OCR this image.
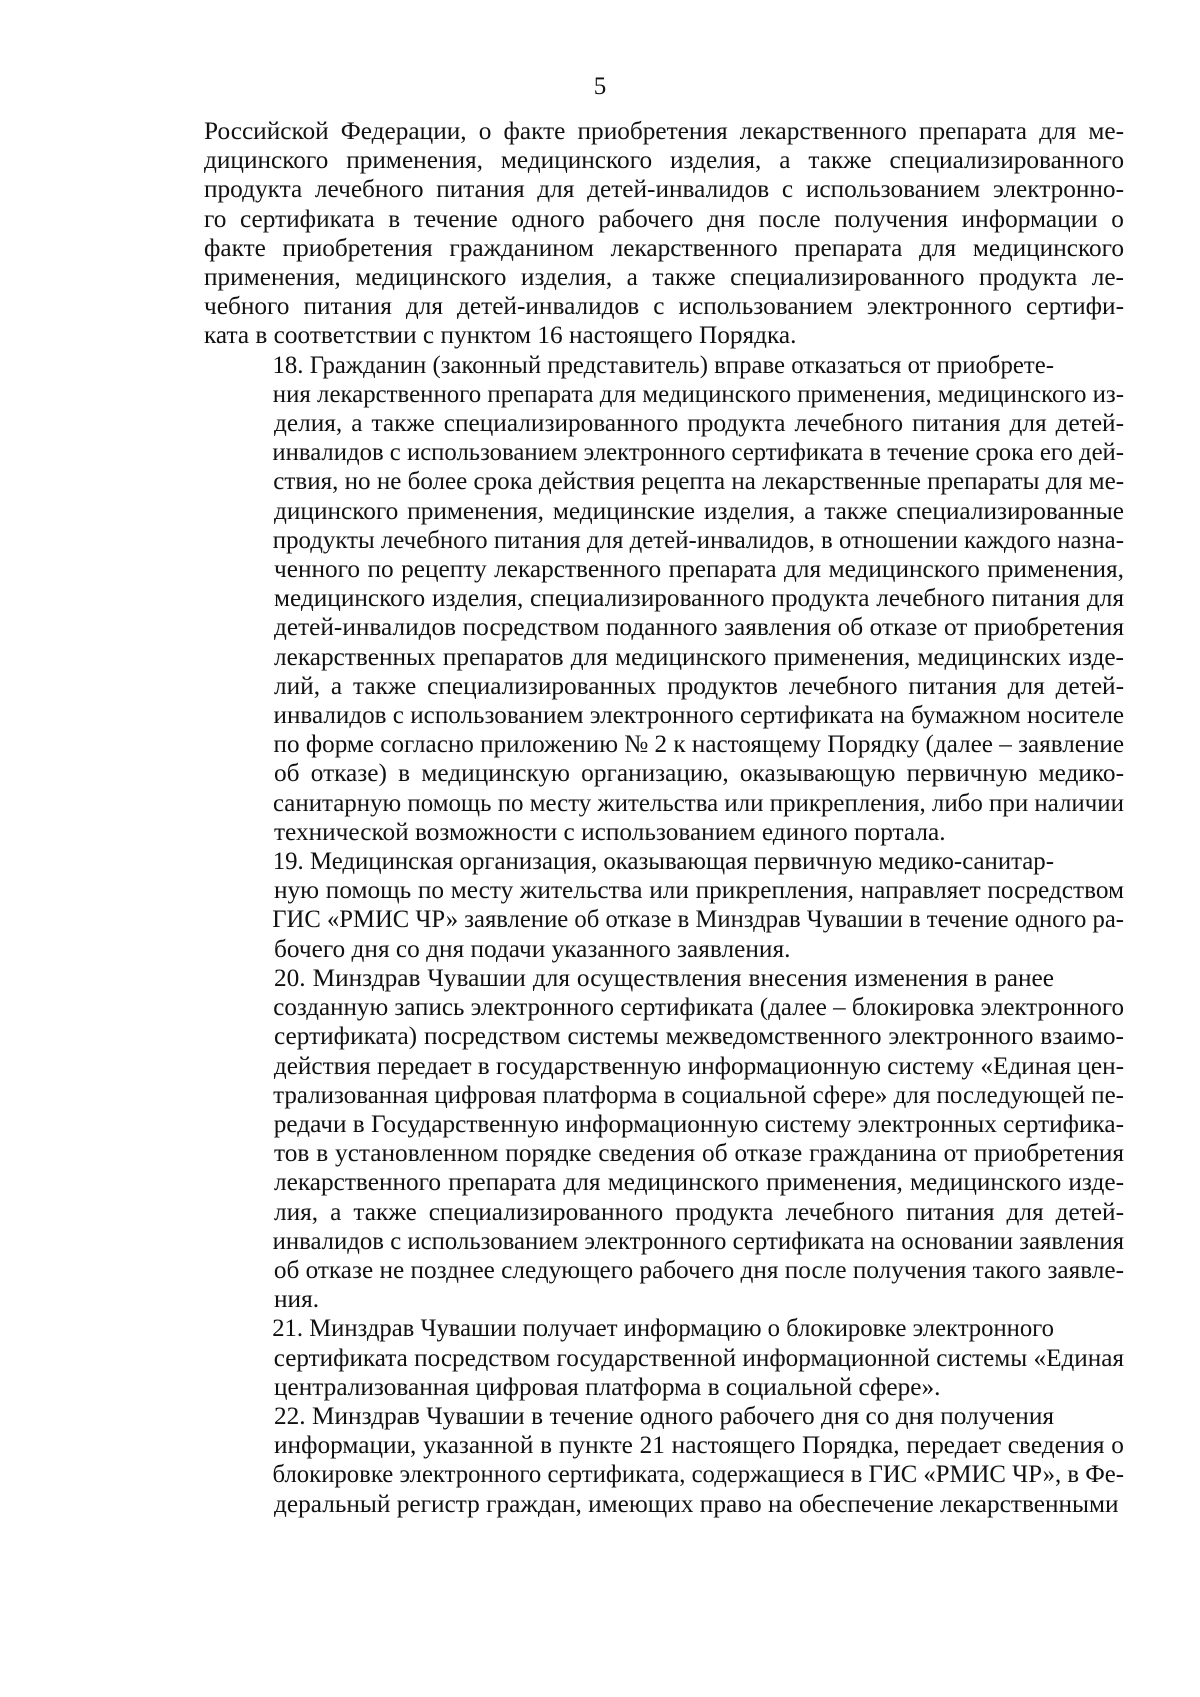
5

Российской Федерации, о факте приобретения лекарственного препарата для ме-
дицинского применения, медицинского изделия, а также специализированного
продукта лечебного питания для детей-инвалидов с использованием электронно-
го сертификата в течение одного рабочего дня после получения информации о
факте приобретения гражданином лекарственного препарата для медицинского
применения, медицинского изделия, а также специализированного продукта ле-
чебного питания для детей-инвалидов с использованием электронного сертифи-
ката в соответствии с пунктом 16 настоящего Порядка.

18. Гражданин (законный представитель) вправе отказаться от приобрете-
ния лекарственного препарата для медицинского применения, медицинского из-
делия, а также специализированного продукта лечебного питания для детей-
инвалидов с использованием электронного сертификата в течение срока его дей-
ствия, но не более срока действия рецепта на лекарственные препараты для ме-
дицинского применения, медицинские изделия, а также специализированные
продукты лечебного питания для детей-инвалидов, в отношении каждого назна-
ченного по рецепту лекарственного препарата для медицинского применения,
медицинского изделия, специализированного продукта лечебного питания для
детей-инвалидов посредством поданного заявления об отказе от приобретения
лекарственных препаратов для медицинского применения, медицинских изде-
лий, а также специализированных продуктов лечебного питания для детей-
инвалидов с использованием электронного сертификата на бумажном носителе
по форме согласно приложению № 2 к настоящему Порядку (далее – заявление
об отказе) в медицинскую организацию, оказывающую первичную медико-
санитарную помощь по месту жительства или прикрепления, либо при наличии
технической возможности с использованием единого портала.

19. Медицинская организация, оказывающая первичную медико-санитар-
ную помощь по месту жительства или прикрепления, направляет посредством
ГИС «РМИС ЧР» заявление об отказе в Минздрав Чувашии в течение одного ра-
бочего дня со дня подачи указанного заявления.

20. Минздрав Чувашии для осуществления внесения изменения в ранее
созданную запись электронного сертификата (далее – блокировка электронного
сертификата) посредством системы межведомственного электронного взаимо-
действия передает в государственную информационную систему «Единая цен-
трализованная цифровая платформа в социальной сфере» для последующей пе-
редачи в Государственную информационную систему электронных сертифика-
тов в установленном порядке сведения об отказе гражданина от приобретения
лекарственного препарата для медицинского применения, медицинского изде-
лия, а также специализированного продукта лечебного питания для детей-
инвалидов с использованием электронного сертификата на основании заявления
об отказе не позднее следующего рабочего дня после получения такого заявле-
ния.

21. Минздрав Чувашии получает информацию о блокировке электронного
сертификата посредством государственной информационной системы «Единая
централизованная цифровая платформа в социальной сфере».

22. Минздрав Чувашии в течение одного рабочего дня со дня получения
информации, указанной в пункте 21 настоящего Порядка, передает сведения о
блокировке электронного сертификата, содержащиеся в ГИС «РМИС ЧР», в Фе-
деральный регистр граждан, имеющих право на обеспечение лекарственными
